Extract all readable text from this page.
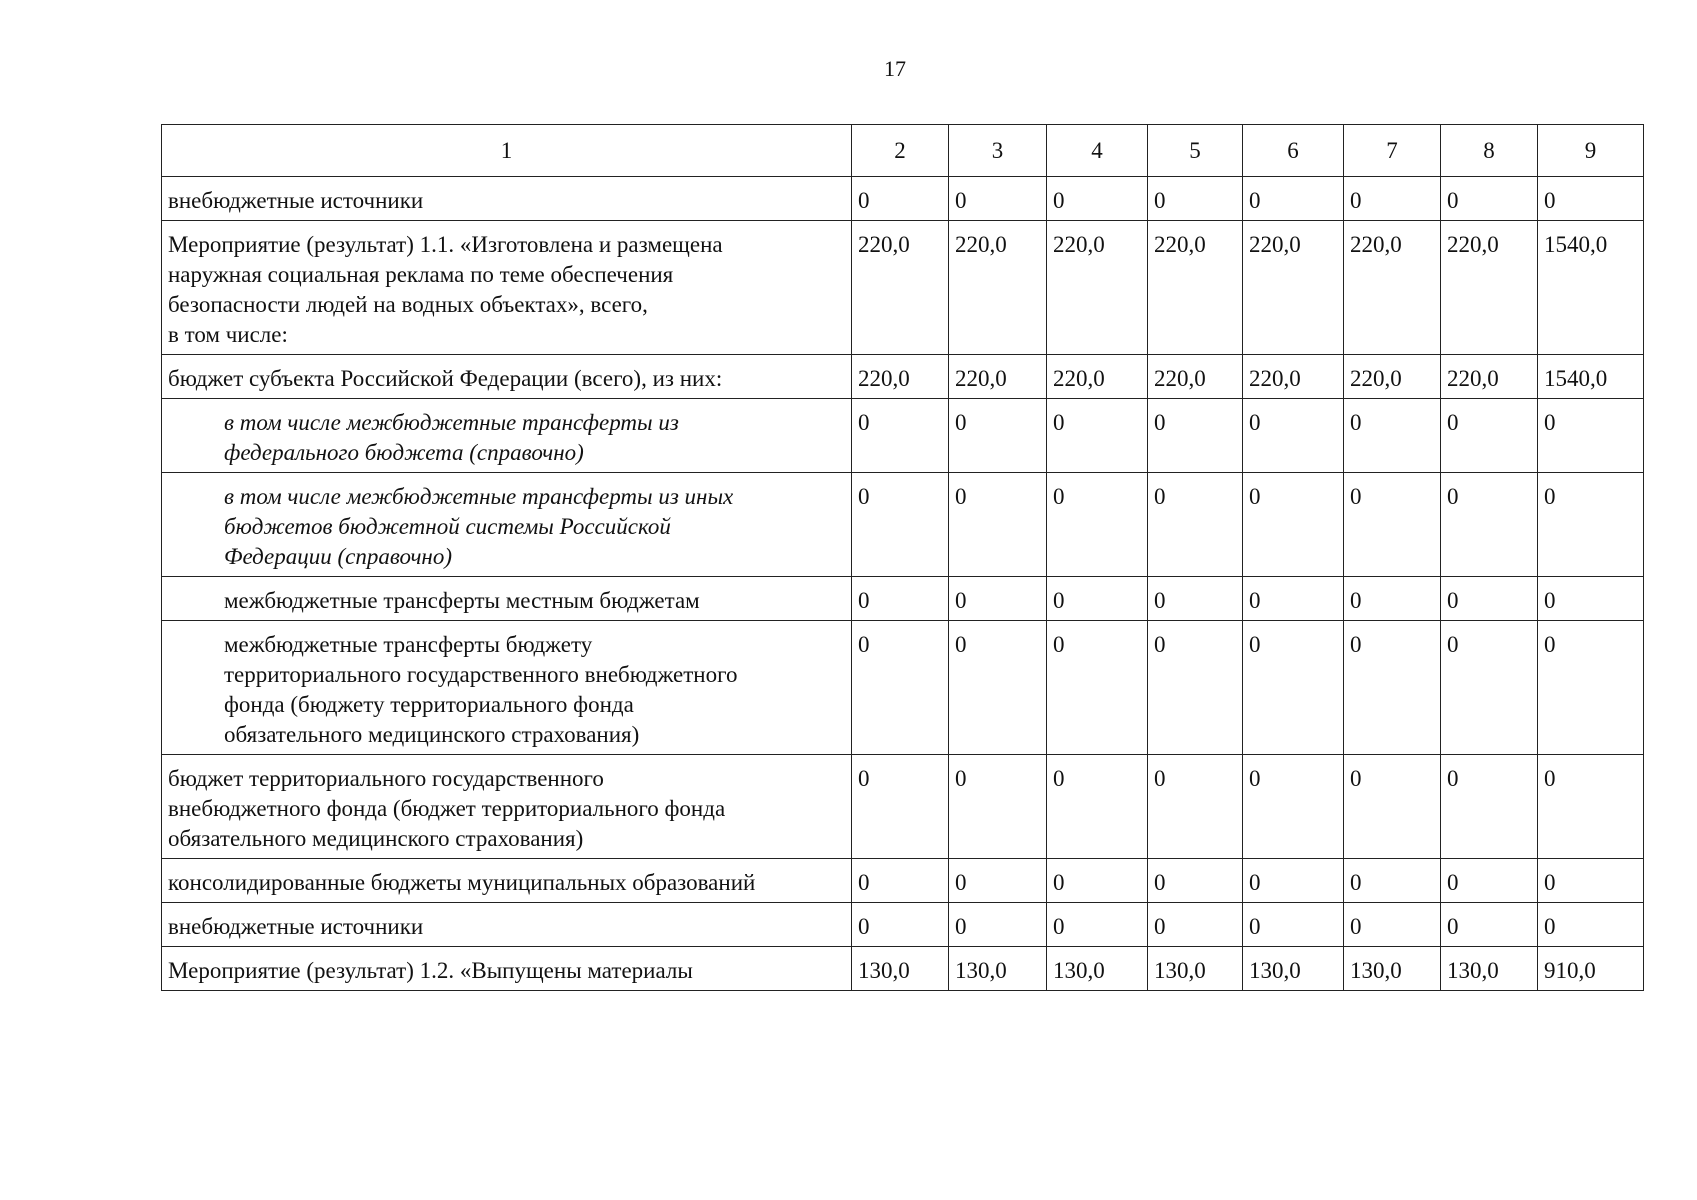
17
1	2	3	4	5	6	7	8	9
внебюджетные источники	0	0	0	0	0	0	0	0
Мероприятие (результат) 1.1. «Изготовлена и размещена
наружная социальная реклама по теме обеспечения
безопасности людей на водных объектах», всего,
в том числе:	220,0	220,0	220,0	220,0	220,0	220,0	220,0	1540,0
бюджет субъекта Российской Федерации (всего), из них:	220,0	220,0	220,0	220,0	220,0	220,0	220,0	1540,0
в том числе межбюджетные трансферты из
федерального бюджета (справочно)	0	0	0	0	0	0	0	0
в том числе межбюджетные трансферты из иных
бюджетов бюджетной системы Российской
Федерации (справочно)	0	0	0	0	0	0	0	0
межбюджетные трансферты местным бюджетам	0	0	0	0	0	0	0	0
межбюджетные трансферты бюджету
территориального государственного внебюджетного
фонда (бюджету территориального фонда
обязательного медицинского страхования)	0	0	0	0	0	0	0	0
бюджет территориального государственного
внебюджетного фонда (бюджет территориального фонда
обязательного медицинского страхования)	0	0	0	0	0	0	0	0
консолидированные бюджеты муниципальных образований	0	0	0	0	0	0	0	0
внебюджетные источники	0	0	0	0	0	0	0	0
Мероприятие (результат) 1.2. «Выпущены материалы	130,0	130,0	130,0	130,0	130,0	130,0	130,0	910,0
